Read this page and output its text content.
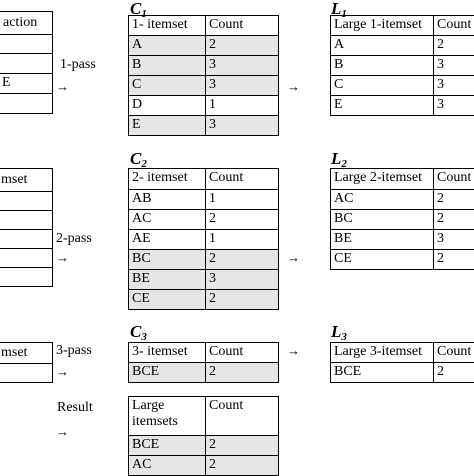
action
E
1-pass
→
$C_1$
1- itemset	Count
A	2
B	3
C	3
D	1
E	3
→
$L_1$
Large 1-itemset	Count
A	2
B	3
C	3
E	3
mset
2-pass
→
$C_2$
2- itemset	Count
AB	1
AC	2
AE	1
BC	2
BE	3
CE	2
→
$L_2$
Large 2-itemset	Count
AC	2
BC	2
BE	3
CE	2
mset 3-pass
→
$C_3$
3- itemset	Count
BCE	2
→
$L_3$
Large 3-itemset	Count
BCE	2
Result
→
Large itemsets
Count
BCE	2
AC	2
